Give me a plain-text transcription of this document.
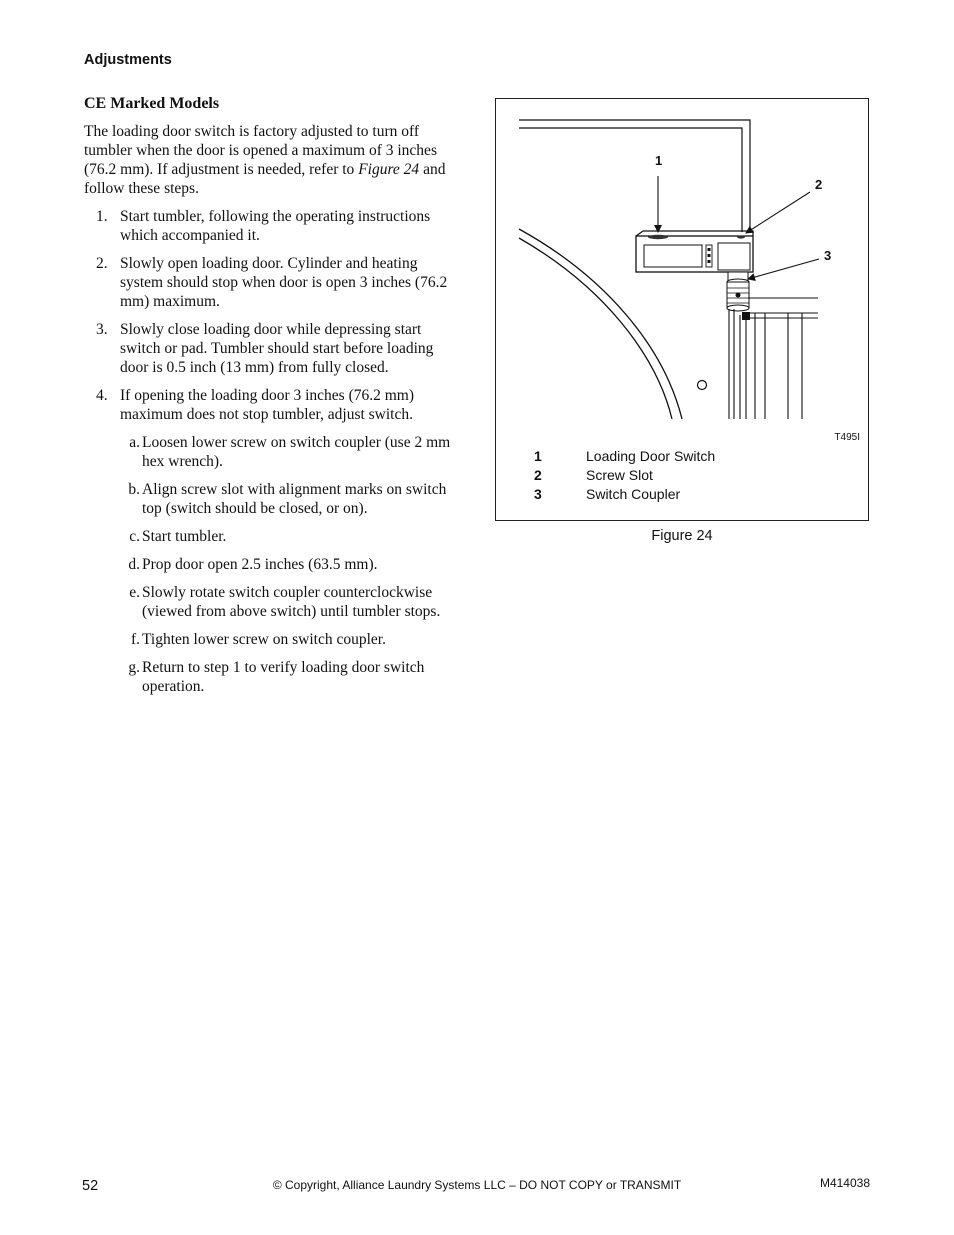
Adjustments
CE Marked Models

The loading door switch is factory adjusted to turn off tumbler when the door is opened a maximum of 3 inches (76.2 mm). If adjustment is needed, refer to Figure 24 and follow these steps.

1. Start tumbler, following the operating instructions which accompanied it.
2. Slowly open loading door. Cylinder and heating system should stop when door is open 3 inches (76.2 mm) maximum.
3. Slowly close loading door while depressing start switch or pad. Tumbler should start before loading door is 0.5 inch (13 mm) from fully closed.
4. If opening the loading door 3 inches (76.2 mm) maximum does not stop tumbler, adjust switch.
a. Loosen lower screw on switch coupler (use 2 mm hex wrench).
b. Align screw slot with alignment marks on switch top (switch should be closed, or on).
c. Start tumbler.
d. Prop door open 2.5 inches (63.5 mm).
e. Slowly rotate switch coupler counterclockwise (viewed from above switch) until tumbler stops.
f. Tighten lower screw on switch coupler.
g. Return to step 1 to verify loading door switch operation.
1
2
3
T495I
1	Loading Door Switch
2	Screw Slot
3	Switch Coupler
Figure 24
52	© Copyright, Alliance Laundry Systems LLC – DO NOT COPY or TRANSMIT	M414038
